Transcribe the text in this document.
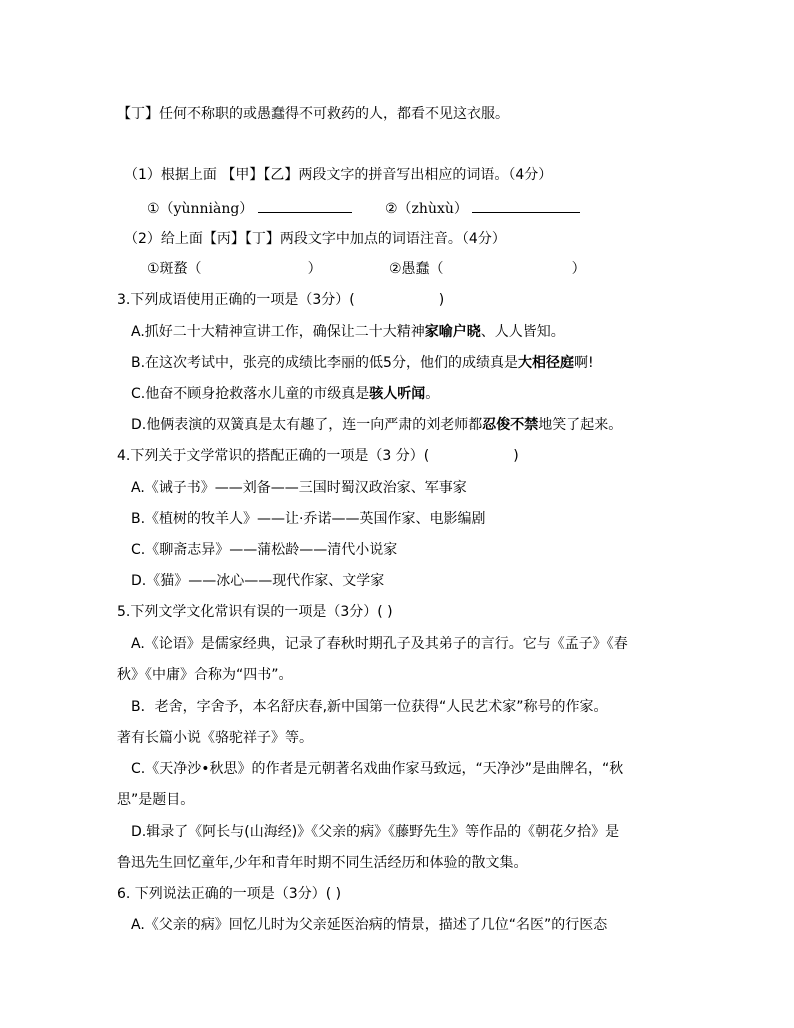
【丁】任何不称职的或愚蠢得不可救药的人，都看不见这衣服。
（1）根据上面 【甲】【乙】两段文字的拼音写出相应的词语。（4分）
①（yùnniàng）	②（zhùxù）
（2）给上面【丙】【丁】两段文字中加点的词语注音。（4分）
①斑蝥（	）	②愚蠢（	）
3.下列成语使用正确的一项是（3分）(	)
A.抓好二十大精神宣讲工作，确保让二十大精神家喻户晓、人人皆知。
B.在这次考试中，张亮的成绩比李丽的低5分，他们的成绩真是大相径庭啊!
C.他奋不顾身抢救落水儿童的市级真是骇人听闻。
D.他俩表演的双簧真是太有趣了，连一向严肃的刘老师都忍俊不禁地笑了起来。
4.下列关于文学常识的搭配正确的一项是（3 分）(	)
A.《诫子书》——刘备——三国时蜀汉政治家、军事家
B.《植树的牧羊人》——让·乔诺——英国作家、电影编剧
C.《聊斋志异》——蒲松龄——清代小说家
D.《猫》——冰心——现代作家、文学家
5.下列文学文化常识有误的一项是（3分）( )
A.《论语》是儒家经典，记录了春秋时期孔子及其弟子的言行。它与《孟子》《春
秋》《中庸》合称为“四书”。
B．老舍，字舍予，本名舒庆春,新中国第一位获得“人民艺术家”称号的作家。
著有长篇小说《骆驼祥子》等。
C.《天净沙•秋思》的作者是元朝著名戏曲作家马致远，“天净沙”是曲牌名，“秋
思”是题目。
D.辑录了《阿长与(山海经)》《父亲的病》《藤野先生》等作品的《朝花夕拾》是
鲁迅先生回忆童年,少年和青年时期不同生活经历和体验的散文集。
6. 下列说法正确的一项是（3分）( )
A.《父亲的病》回忆儿时为父亲延医治病的情景，描述了几位“名医”的行医态
